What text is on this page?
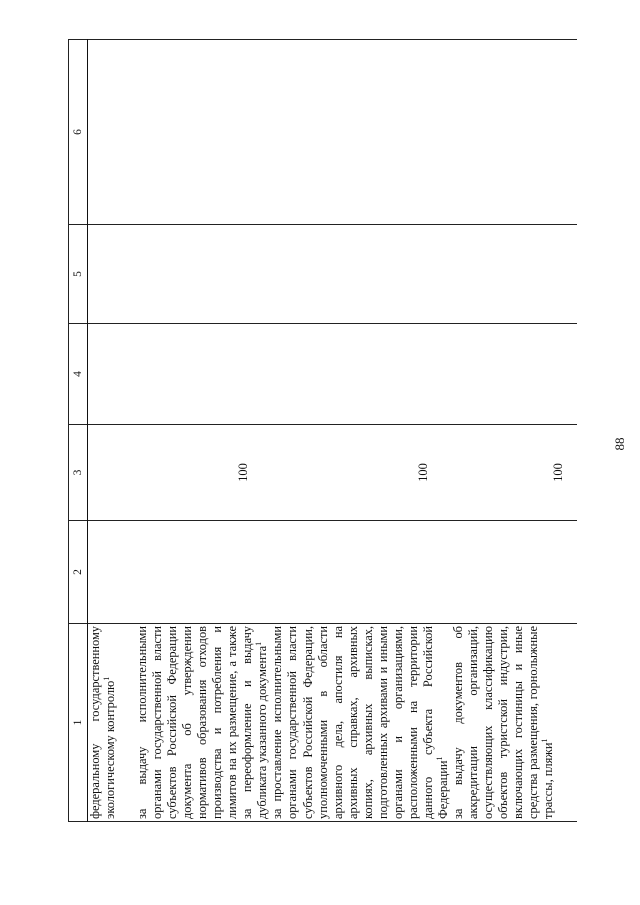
88
1	2	3	4	5	6

федеральному государственному экологическому контролю$^1$

за выдачу исполнительными органами государственной власти субъектов Российской Федерации документа об утверждении нормативов образования отходов производства и потребления и лимитов на их размещение, а также за переоформление и выдачу дубликата указанного документа$^1$		100			

за проставление исполнительными органами государственной власти субъектов Российской Федерации, уполномоченными в области архивного дела, апостиля на архивных справках, архивных копиях, архивных выписках, подготовленных архивами и иными органами и организациями, расположенными на территории данного субъекта Российской Федерации$^1$		100			

за выдачу документов об аккредитации организаций, осуществляющих классификацию объектов туристской индустрии, включающих гостиницы и иные средства размещения, горнолыжные трассы, пляжи$^1$		100			
